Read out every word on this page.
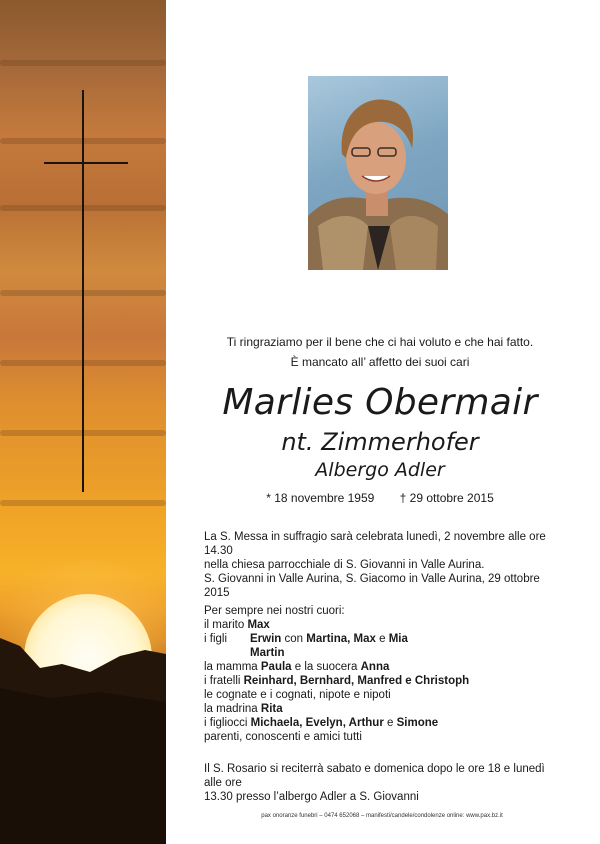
Ti ringraziamo per il bene che ci hai voluto e che hai fatto.
È mancato all’ affetto dei suoi cari
Marlies Obermair
nt. Zimmerhofer
Albergo Adler
* 18 novembre 1959 † 29 ottobre 2015
La S. Messa in suffragio sarà celebrata lunedì, 2 novembre alle ore 14.30
nella chiesa parrocchiale di S. Giovanni in Valle Aurina.
S. Giovanni in Valle Aurina, S. Giacomo in Valle Aurina, 29 ottobre 2015
Per sempre nei nostri cuori:
il marito Max
i figli Erwin con Martina, Max e Mia
Martin
la mamma Paula e la suocera Anna
i fratelli Reinhard, Bernhard, Manfred e Christoph
le cognate e i cognati, nipote e nipoti
la madrina Rita
i figlioccі Michaela, Evelyn, Arthur e Simone
parenti, conoscenti e amici tutti
Il S. Rosario si reciterrà sabato e domenica dopo le ore 18 e lunedì alle ore
13.30 presso l’albergo Adler a S. Giovanni
pax onoranze funebri – 0474 652068 – manifesti/candele/condolenze online: www.pax.bz.it
